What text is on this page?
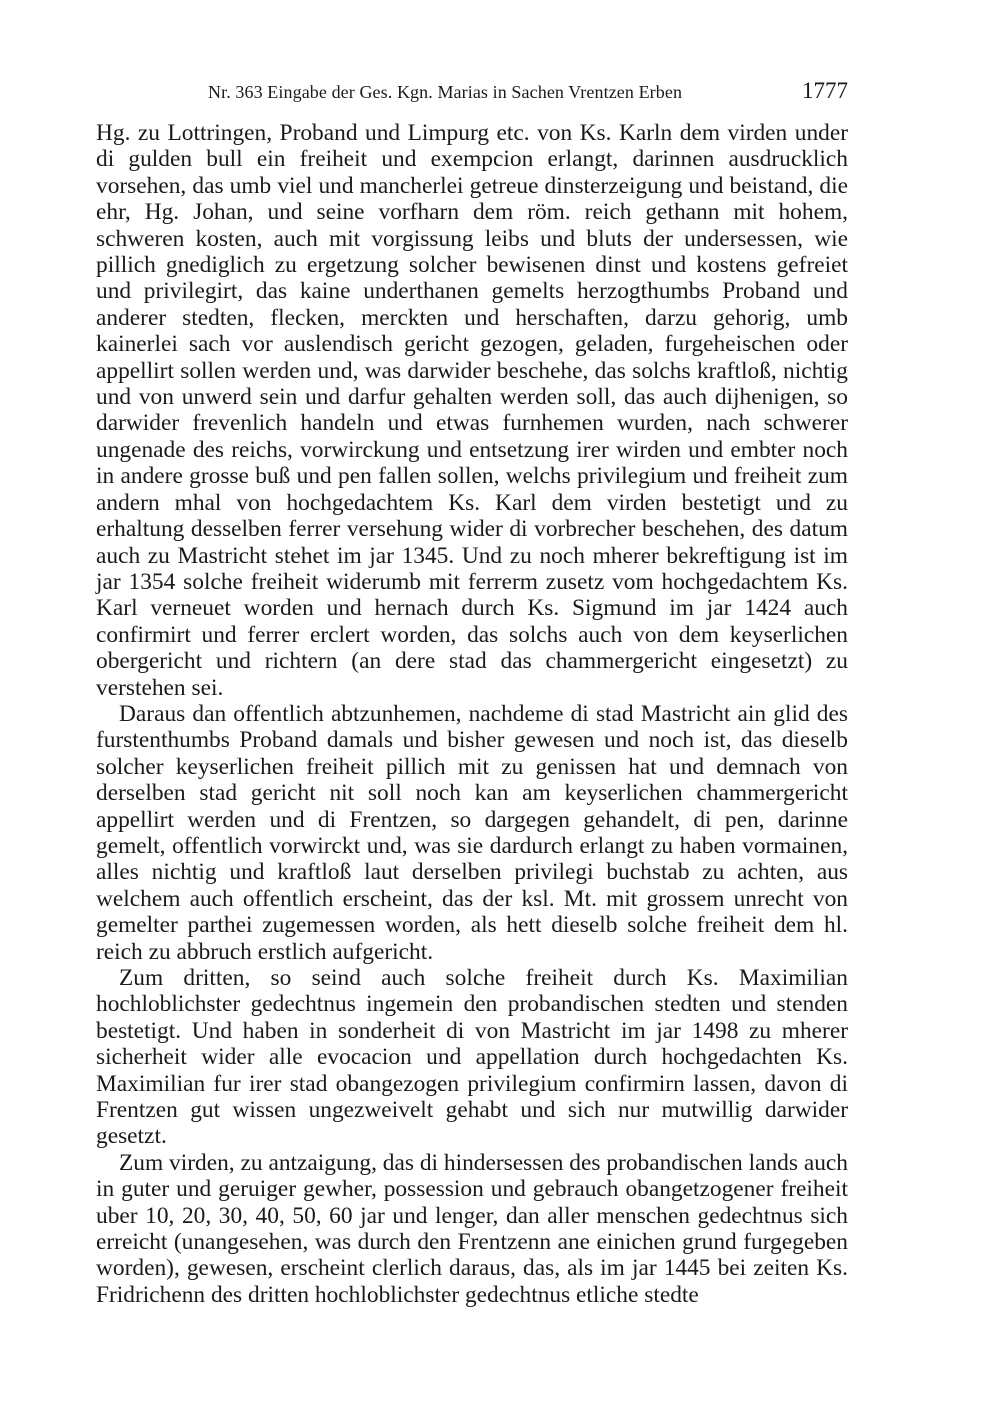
Nr. 363 Eingabe der Ges. Kgn. Marias in Sachen Vrentzen Erben	1777

Hg. zu Lottringen, Proband und Limpurg etc. von Ks. Karln dem virden under di gulden bull ein freiheit und exempcion erlangt, darinnen ausdrucklich vorsehen, das umb viel und mancherlei getreue dinsterzeigung und beistand, die ehr, Hg. Johan, und seine vorfharn dem röm. reich gethann mit hohem, schweren kosten, auch mit vorgissung leibs und bluts der undersessen, wie pillich gnediglich zu ergetzung solcher bewisenen dinst und kostens gefreiet und privilegirt, das kaine underthanen gemelts herzogthumbs Proband und anderer stedten, flecken, merckten und herschaften, darzu gehorig, umb kainerlei sach vor auslendisch gericht gezogen, geladen, furgeheischen oder appellirt sollen werden und, was darwider beschehe, das solchs kraftloß, nichtig und von unwerd sein und darfur gehalten werden soll, das auch dijhenigen, so darwider frevenlich handeln und etwas furnhemen wurden, nach schwerer ungenade des reichs, vorwirckung und entsetzung irer wirden und embter noch in andere grosse buß und pen fallen sollen, welchs privilegium und freiheit zum andern mhal von hochgedachtem Ks. Karl dem virden bestetigt und zu erhaltung desselben ferrer versehung wider di vorbrecher beschehen, des datum auch zu Mastricht stehet im jar 1345. Und zu noch mherer bekreftigung ist im jar 1354 solche freiheit widerumb mit ferrerm zusetz vom hochgedachtem Ks. Karl verneuet worden und hernach durch Ks. Sigmund im jar 1424 auch confirmirt und ferrer erclert worden, das solchs auch von dem keyserlichen obergericht und richtern (an dere stad das chammergericht eingesetzt) zu verstehen sei.

Daraus dan offentlich abtzunhemen, nachdeme di stad Mastricht ain glid des furstenthumbs Proband damals und bisher gewesen und noch ist, das dieselb solcher keyserlichen freiheit pillich mit zu genissen hat und demnach von derselben stad gericht nit soll noch kan am keyserlichen chammergericht appellirt werden und di Frentzen, so dargegen gehandelt, di pen, darinne gemelt, offentlich vorwirckt und, was sie dardurch erlangt zu haben vormainen, alles nichtig und kraftloß laut derselben privilegi buchstab zu achten, aus welchem auch offentlich erscheint, das der ksl. Mt. mit grossem unrecht von gemelter parthei zugemessen worden, als hett dieselb solche freiheit dem hl. reich zu abbruch erstlich aufgericht.

Zum dritten, so seind auch solche freiheit durch Ks. Maximilian hochloblichster gedechtnus ingemein den probandischen stedten und stenden bestetigt. Und haben in sonderheit di von Mastricht im jar 1498 zu mherer sicherheit wider alle evocacion und appellation durch hochgedachten Ks. Maximilian fur irer stad obangezogen privilegium confirmirn lassen, davon di Frentzen gut wissen ungezweivelt gehabt und sich nur mutwillig darwider gesetzt.

Zum virden, zu antzaigung, das di hindersessen des probandischen lands auch in guter und geruiger gewher, possession und gebrauch obangetzogener freiheit uber 10, 20, 30, 40, 50, 60 jar und lenger, dan aller menschen gedechtnus sich erreicht (unangesehen, was durch den Frentzenn ane einichen grund furgegeben worden), gewesen, erscheint clerlich daraus, das, als im jar 1445 bei zeiten Ks. Fridrichenn des dritten hochloblichster gedechtnus etliche stedte
